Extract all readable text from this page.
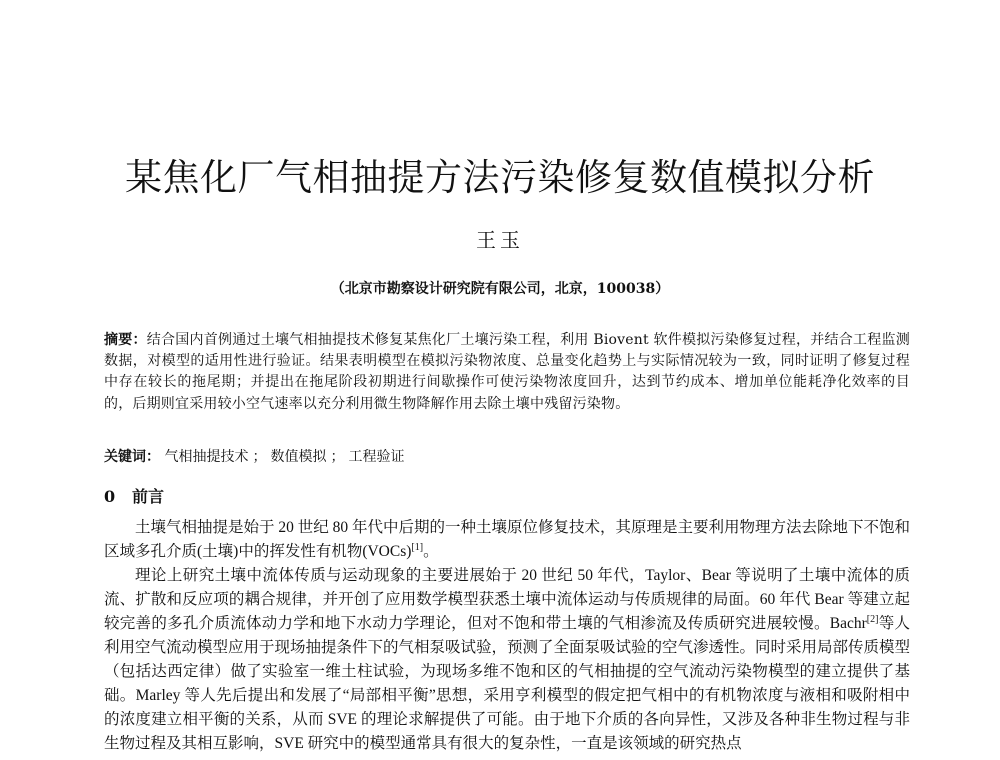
某焦化厂气相抽提方法污染修复数值模拟分析
王玉
（北京市勘察设计研究院有限公司，北京，100038）
摘要：结合国内首例通过土壤气相抽提技术修复某焦化厂土壤污染工程，利用 Biovent 软件模拟污染修复过程，并结合工程监测数据，对模型的适用性进行验证。结果表明模型在模拟污染物浓度、总量变化趋势上与实际情况较为一致，同时证明了修复过程中存在较长的拖尾期；并提出在拖尾阶段初期进行间歇操作可使污染物浓度回升，达到节约成本、增加单位能耗净化效率的目的，后期则宜采用较小空气速率以充分利用微生物降解作用去除土壤中残留污染物。
关键词： 气相抽提技术 ； 数值模拟 ； 工程验证
0 前言

土壤气相抽提是始于 20 世纪 80 年代中后期的一种土壤原位修复技术，其原理是主要利用物理方法去除地下不饱和区域多孔介质(土壤)中的挥发性有机物(VOCs)[1]。

理论上研究土壤中流体传质与运动现象的主要进展始于 20 世纪 50 年代，Taylor、Bear 等说明了土壤中流体的质流、扩散和反应项的耦合规律，并开创了应用数学模型获悉土壤中流体运动与传质规律的局面。60 年代 Bear 等建立起较完善的多孔介质流体动力学和地下水动力学理论，但对不饱和带土壤的气相渗流及传质研究进展较慢。Bachr[2]等人利用空气流动模型应用于现场抽提条件下的气相泵吸试验，预测了全面泵吸试验的空气渗透性。同时采用局部传质模型（包括达西定律）做了实验室一维土柱试验，为现场多维不饱和区的气相抽提的空气流动污染物模型的建立提供了基础。Marley 等人先后提出和发展了“局部相平衡”思想，采用亨利模型的假定把气相中的有机物浓度与液相和吸附相中的浓度建立相平衡的关系，从而 SVE 的理论求解提供了可能。由于地下介质的各向异性，又涉及各种非生物过程与非生物过程及其相互影响，SVE 研究中的模型通常具有很大的复杂性，一直是该领域的研究热点
